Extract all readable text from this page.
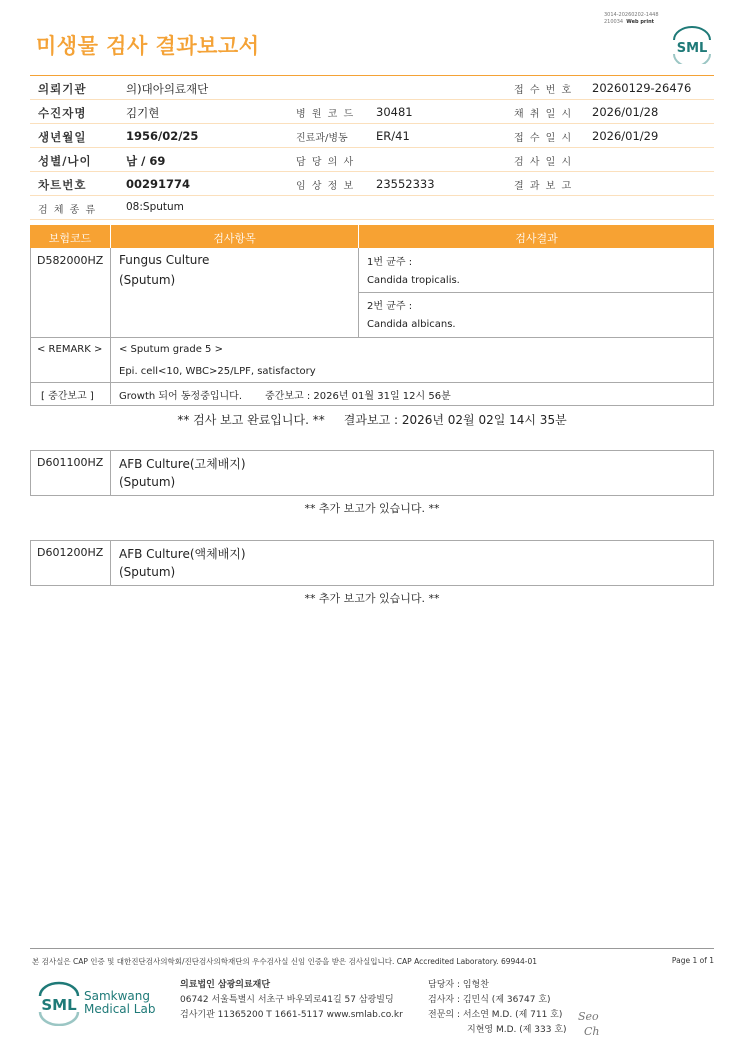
미생물 검사 결과보고서
3014-20260202-1448
210034 Web print
SML
의뢰기관	의)대아의료재단	접 수 번 호 20260129-26476
수진자명	김기현	병 원 코 드 30481	채 취 일 시 2026/01/28
생년월일	1956/02/25	진료과/병동 ER/41	접 수 일 시 2026/01/29
성별/나이	남 / 69	담 당 의 사	검 사 일 시
차트번호	00291774	임 상 정 보 23552333	결 과 보 고
검 체 종 류	08:Sputum
보험코드	검사항목	검사결과
D582000HZ Fungus Culture
(Sputum)
1번 균주 :
Candida tropicalis.
2번 균주 :
Candida albicans.
< REMARK > < Sputum grade 5 >
Epi. cell<10, WBC>25/LPF, satisfactory
[ 중간보고 ]	Growth 되어 동정중입니다. 중간보고 : 2026년 01월 31일 12시 56분
** 검사 보고 완료입니다. ** 결과보고 : 2026년 02월 02일 14시 35분
D601100HZ AFB Culture(고체배지)
(Sputum)
** 추가 보고가 있습니다. **
D601200HZ AFB Culture(액체배지)
(Sputum)
** 추가 보고가 있습니다. **
본 검사실은 CAP 인증 및 대한진단검사의학회/진단검사의학재단의 우수검사실 신임 인증을 받은 검사실입니다. CAP Accredited Laboratory. 69944-01	Page 1 of 1
SML Samkwang
Medical Lab
의료법인 삼광의료재단
06742 서울특별시 서초구 바우뫼로41길 57 삼광빌딩
검사기관 11365200 T 1661-5117 www.smlab.co.kr
담당자 : 임형찬
검사자 : 김민식 (제 36747 호)
전문의 : 서소연 M.D. (제 711 호)
지현영 M.D. (제 333 호)
Seo
Ch
